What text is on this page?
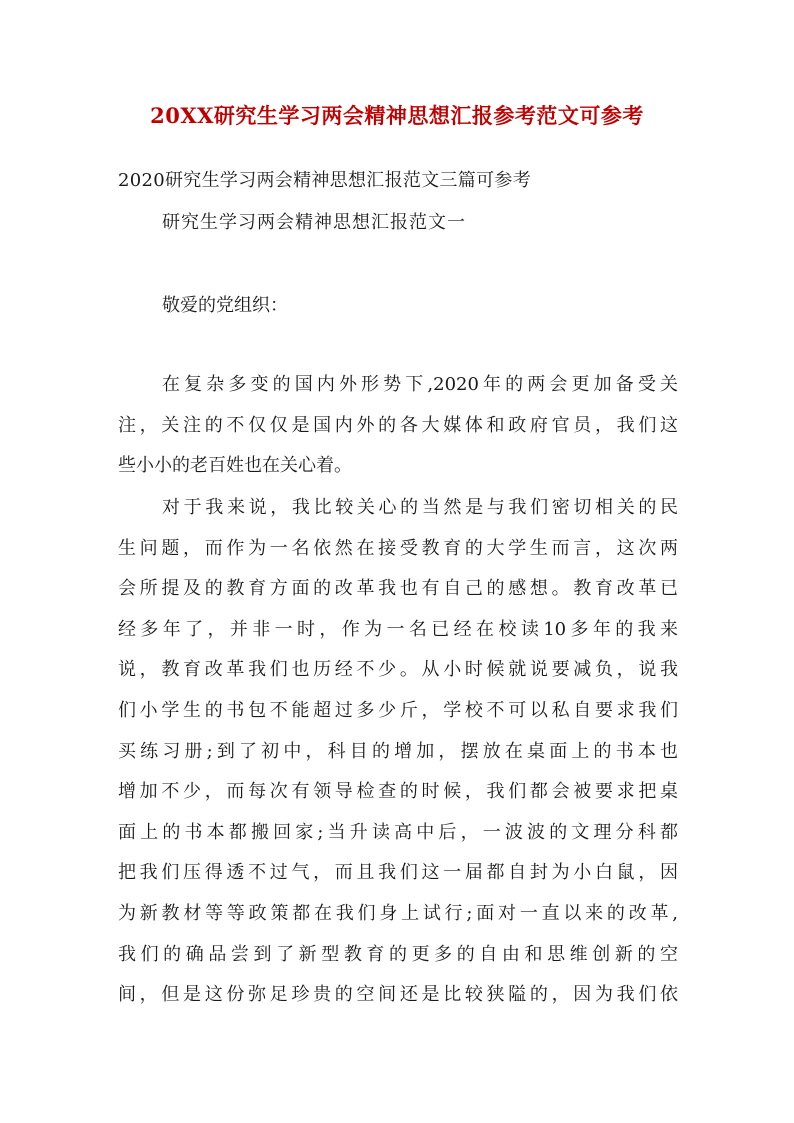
20XX研究生学习两会精神思想汇报参考范文可参考
2020研究生学习两会精神思想汇报范文三篇可参考
研究生学习两会精神思想汇报范文一
敬爱的党组织：
在复杂多变的国内外形势下,2020年的两会更加备受关
注，关注的不仅仅是国内外的各大媒体和政府官员，我们这
些小小的老百姓也在关心着。
对于我来说，我比较关心的当然是与我们密切相关的民
生问题，而作为一名依然在接受教育的大学生而言，这次两
会所提及的教育方面的改革我也有自己的感想。教育改革已
经多年了，并非一时，作为一名已经在校读10多年的我来
说，教育改革我们也历经不少。从小时候就说要减负，说我
们小学生的书包不能超过多少斤，学校不可以私自要求我们
买练习册;到了初中，科目的增加，摆放在桌面上的书本也
增加不少，而每次有领导检查的时候，我们都会被要求把桌
面上的书本都搬回家;当升读高中后，一波波的文理分科都
把我们压得透不过气，而且我们这一届都自封为小白鼠，因
为新教材等等政策都在我们身上试行;面对一直以来的改革,
我们的确品尝到了新型教育的更多的自由和思维创新的空
间，但是这份弥足珍贵的空间还是比较狭隘的，因为我们依
